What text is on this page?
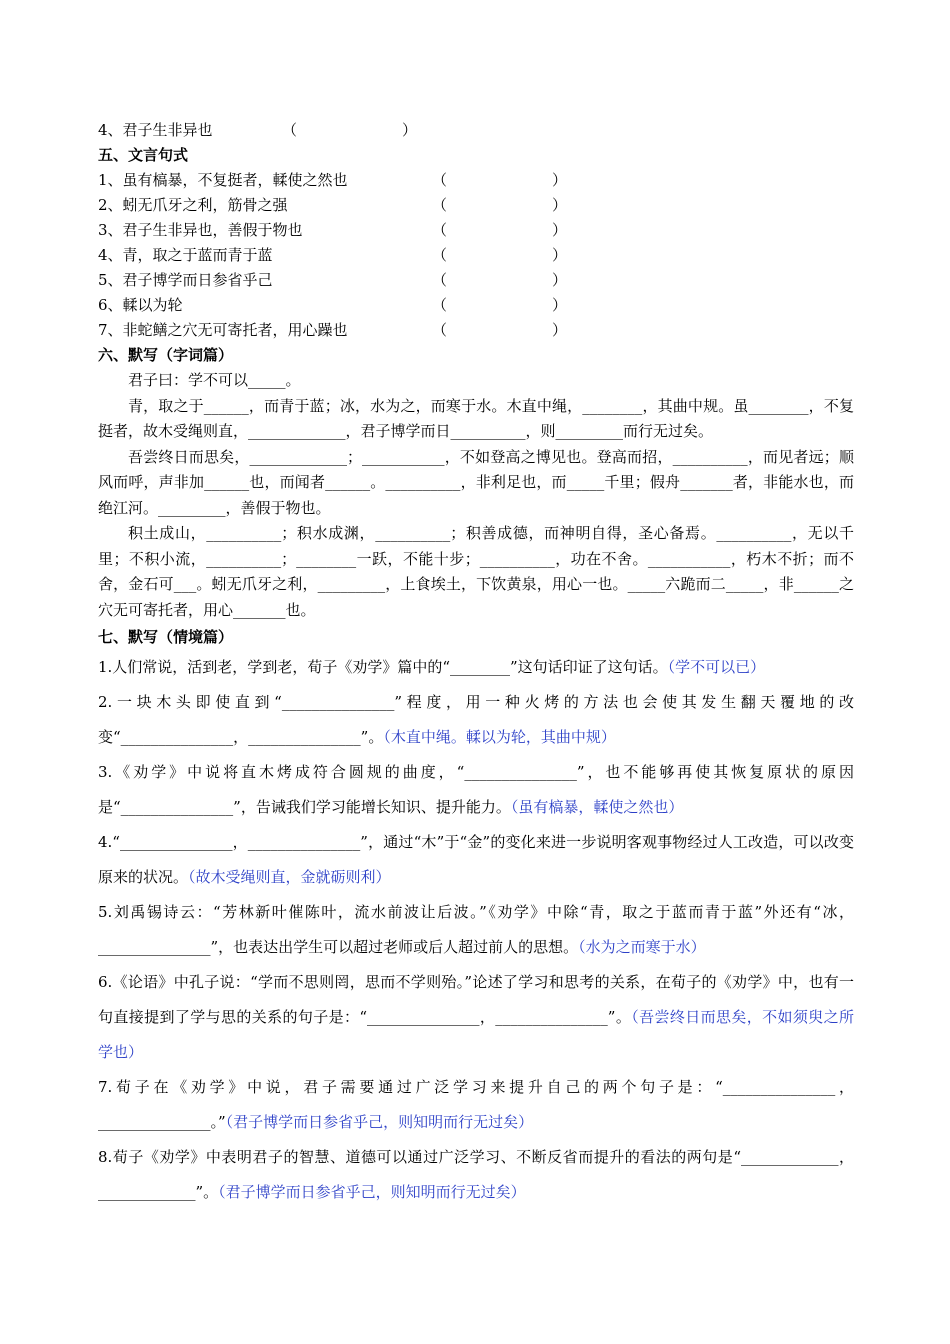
4、君子生非异也	（	）
五、文言句式
1、虽有槁暴，不复挺者，輮使之然也	（	）
2、蚓无爪牙之利，筋骨之强	（	）
3、君子生非异也，善假于物也	（	）
4、青，取之于蓝而青于蓝	（	）
5、君子博学而日参省乎己	（	）
6、輮以为轮	（	）
7、非蛇鳝之穴无可寄托者，用心躁也	（	）
六、默写（字词篇）

君子曰：学不可以_____。

青，取之于______，而青于蓝；冰，水为之，而寒于水。木直中绳，________，其曲中规。虽________，不复挺者，故木受绳则直，_____________，君子博学而日__________，则_________而行无过矣。

吾尝终日而思矣，_____________；___________，不如登高之博见也。登高而招，__________，而见者远；顺风而呼，声非加______也，而闻者______。__________，非利足也，而_____千里；假舟_______者，非能水也，而绝江河。_________，善假于物也。

积土成山，__________；积水成渊，__________；积善成德，而神明自得，圣心备焉。__________，无以千里；不积小流，__________；________一跃，不能十步；__________，功在不舍。___________，朽木不折；而不舍，金石可___。蚓无爪牙之利，_________，上食埃土，下饮黄泉，用心一也。_____六跪而二_____，非______之穴无可寄托者，用心_______也。

七、默写（情境篇）

1.人们常说，活到老，学到老，荀子《劝学》篇中的“________”这句话印证了这句话。（学不可以已）

2.一块木头即使直到“_______________”程度，用一种火烤的方法也会使其发生翻天覆地的改变“_______________，_______________”。（木直中绳。輮以为轮，其曲中规）

3.《劝学》中说将直木烤成符合圆规的曲度，“_______________”，也不能够再使其恢复原状的原因是“_______________”，告诫我们学习能增长知识、提升能力。（虽有槁暴，輮使之然也）

4.“_______________，_______________”，通过“木”于“金”的变化来进一步说明客观事物经过人工改造，可以改变原来的状况。（故木受绳则直，金就砺则利）

5.刘禹锡诗云：“芳林新叶催陈叶，流水前波让后波。”《劝学》中除“青，取之于蓝而青于蓝”外还有“冰，_______________”，也表达出学生可以超过老师或后人超过前人的思想。（水为之而寒于水）

6.《论语》中孔子说：“学而不思则罔，思而不学则殆。”论述了学习和思考的关系，在荀子的《劝学》中，也有一句直接提到了学与思的关系的句子是：“_______________，_______________”。（吾尝终日而思矣，不如须臾之所学也）

7.荀子在《劝学》中说，君子需要通过广泛学习来提升自己的两个句子是：“_______________，_______________。”（君子博学而日参省乎己，则知明而行无过矣）

8.荀子《劝学》中表明君子的智慧、道德可以通过广泛学习、不断反省而提升的看法的两句是“_____________，_____________”。（君子博学而日参省乎己，则知明而行无过矣）
